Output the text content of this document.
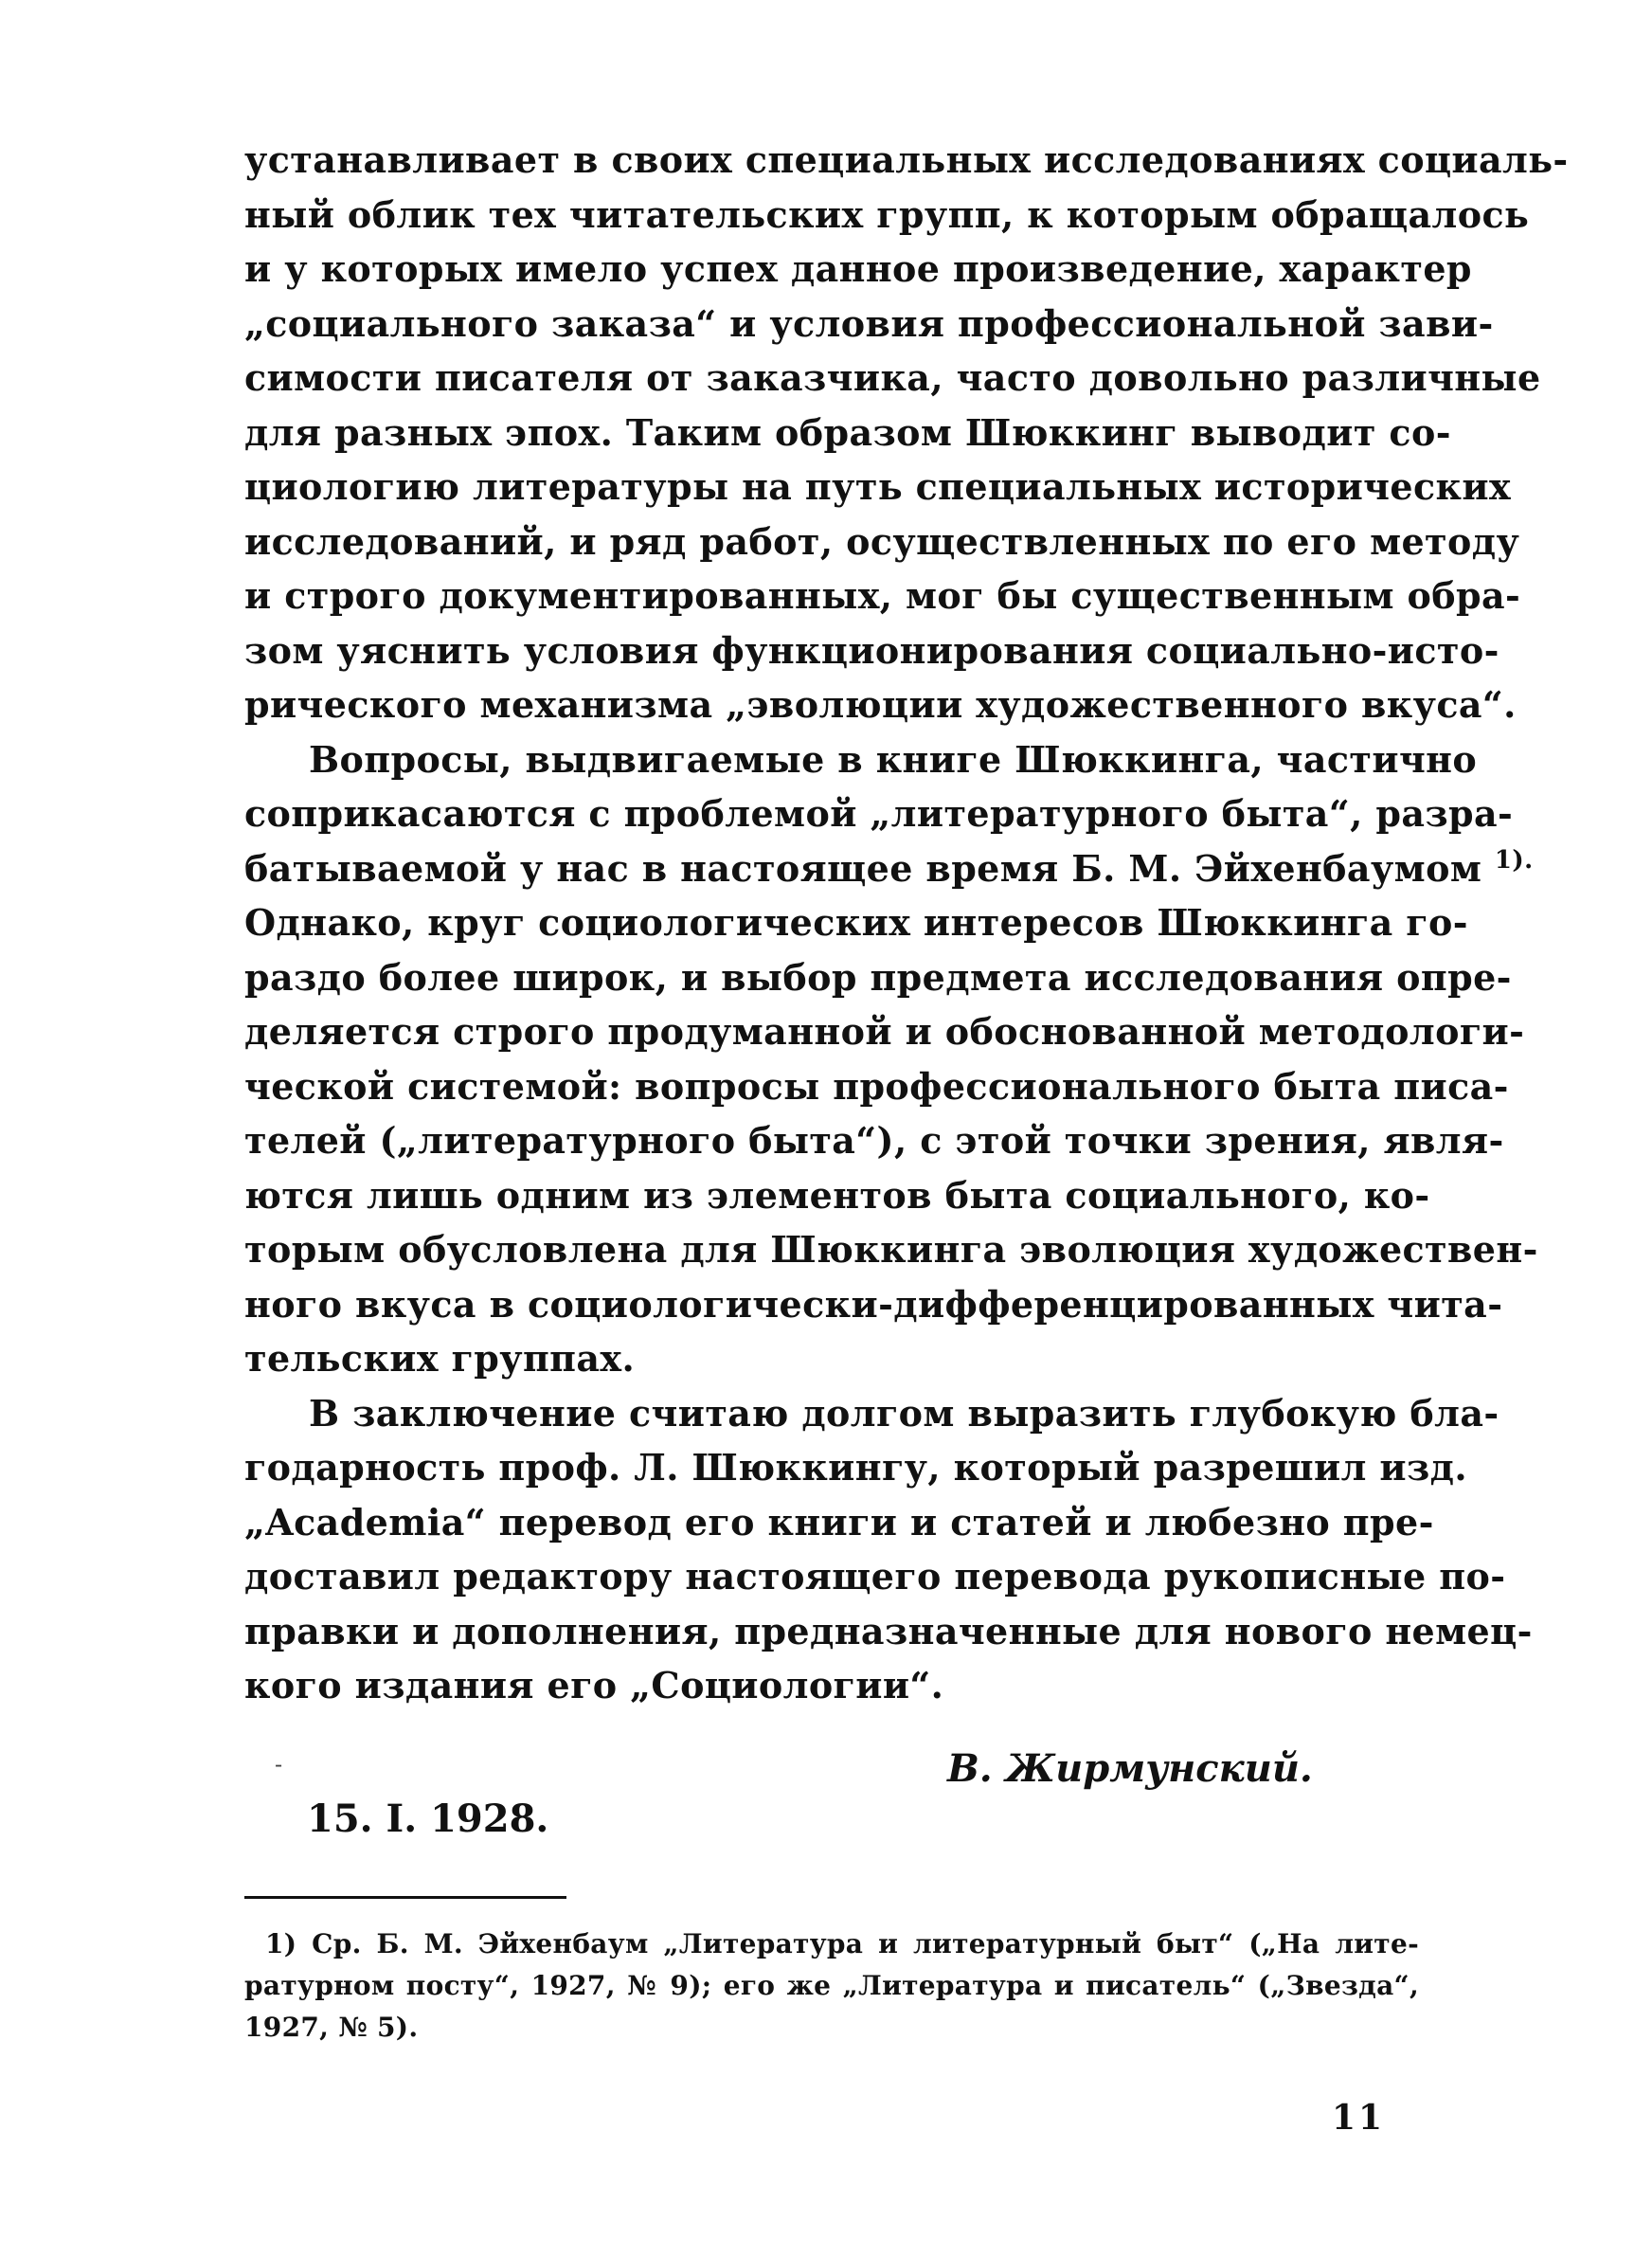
устанавливает в своих специальных исследованиях социаль-
ный облик тех читательских групп, к которым обращалось
и у которых имело успех данное произведение, характер
„социального заказа“ и условия профессиональной зави-
симости писателя от заказчика, часто довольно различные
для разных эпох. Таким образом Шюккинг выводит со-
циологию литературы на путь специальных исторических
исследований, и ряд работ, осуществленных по его методу
и строго документированных, мог бы существенным обра-
зом уяснить условия функционирования социально-исто-
рического механизма „эволюции художественного вкуса“.
Вопросы, выдвигаемые в книге Шюккинга, частично
соприкасаются с проблемой „литературного быта“, разра-
батываемой у нас в настоящее время Б. М. Эйхенбаумом $^{1).}$
Однако, круг социологических интересов Шюккинга го-
раздо более широк, и выбор предмета исследования опре-
деляется строго продуманной и обоснованной методологи-
ческой системой: вопросы профессионального быта писа-
телей („литературного быта“), с этой точки зрения, явля-
ются лишь одним из элементов быта социального, ко-
торым обусловлена для Шюккинга эволюция художествен-
ного вкуса в социологически-дифференцированных чита-
тельских группах.
В заключение считаю долгом выразить глубокую бла-
годарность проф. Л. Шюккингу, который разрешил изд.
„Academia“ перевод его книги и статей и любезно пре-
доставил редактору настоящего перевода рукописные по-
правки и дополнения, предназначенные для нового немец-
кого издания его „Социологии“.
‑	В. Жирмунский.
15. I. 1928.
1) Ср. Б. М. Эйхенбаум „Литература и литературный быт“ („На лите-
ратурном посту“, 1927, № 9); его же „Литература и писатель“ („Звезда“,
1927, № 5).
11
